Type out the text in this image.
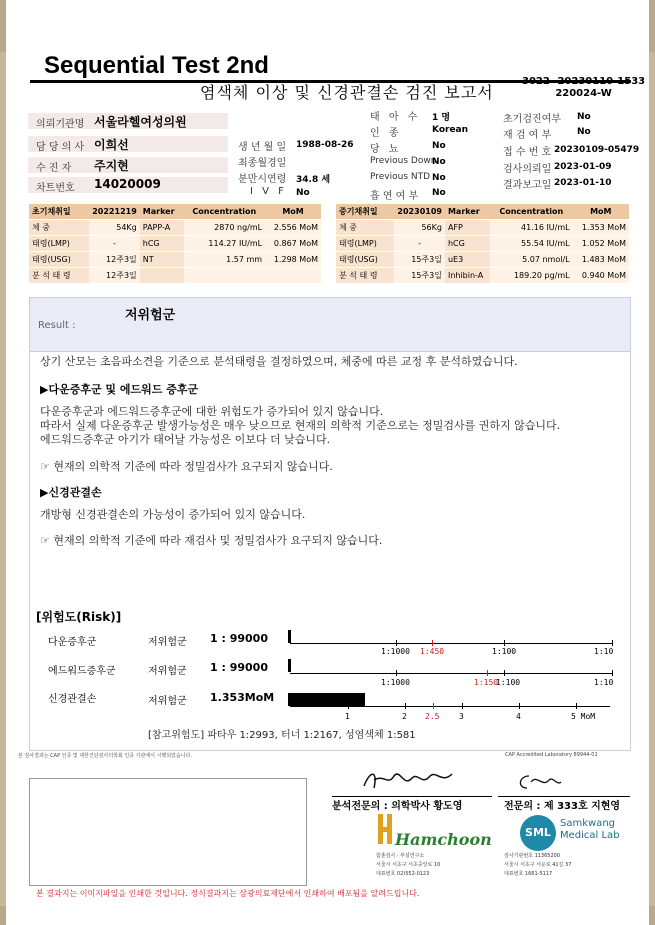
SML
Sequential Test 2nd
염색체 이상 및 신경관결손 검진 보고서
3022 -20230110-1533
220024-W
의뢰기관명 서울라헬여성의원
담 당 의 사 이희선
수 진 자 주지현
차트번호 14020009
생 년 월 일 1988-08-26
최종월경일
분만시연령 34.8 세
I V F No
태 아 수 1 명
인 종	Korean
당 뇨	No
Previous Down
No
Previous NTD No
흡 연 여 부 No
초기검진여부 No
재 검 여 부	No
접 수 번 호 20230109-05479
검사의뢰일 2023-01-09
결과보고일 2023-01-10
초기채취일	20221219	Marker	Concentration	MoM
체 중	54Kg	PAPP-A	2870 ng/mL	2.556 MoM
태령(LMP)	-	hCG	114.27 IU/mL	0.867 MoM
태령(USG)	12주3일	NT	1.57 mm	1.298 MoM
분 석 태 령	12주3일			
중기채취일	20230109	Marker	Concentration	MoM
체 중	56Kg	AFP	41.16 IU/mL	1.353 MoM
태령(LMP)	-	hCG	55.54 IU/mL	1.052 MoM
태령(USG)	15주3일	uE3	5.07 nmol/L	1.483 MoM
분 석 태 령	15주3일	Inhibin-A	189.20 pg/mL	0.940 MoM
Result :
저위험군
상기 산모는 초음파소견을 기준으로 분석태령을 결정하였으며, 체중에 따른 교정 후 분석하였습니다.
▶다운증후군 및 에드워드 증후군
다운증후군과 에드워드증후군에 대한 위험도가 증가되어 있지 않습니다.
따라서 실제 다운증후군 발생가능성은 매우 낮으므로 현재의 의학적 기준으로는 정밀검사를 권하지 않습니다.
에드워드증후군 아기가 태어날 가능성은 이보다 더 낮습니다.
☞ 현재의 의학적 기준에 따라 정밀검사가 요구되지 않습니다.
▶신경관결손
개방형 신경관결손의 가능성이 증가되어 있지 않습니다.
☞ 현재의 의학적 기준에 따라 재검사 및 정밀검사가 요구되지 않습니다.
[위험도(Risk)]
다운증후군	저위험군 1 : 99000
1:1000 1:450	1:100	1:10
에드워드증후군	저위험군 1 : 99000
1:1000	1:150
1:100	1:10
신경관결손	저위험군 1.353MoM
1	2 2.5 3	4	5 MoM
[참고위험도] 파타우 1:2993, 터너 1:2167, 성염색체 1:581
본 검사결과는 CAP 인증 및 대한진단검사의학회 인증 기관에서 시행되었습니다.	CAP Accredited Laboratory 89944-01
분석전문의 : 의학박사 황도영	전문의 : 제 333호 지현영
Hamchoon
함춘검사 · 부설연구소
서울시 서초구 서초중앙로 10
대표번호 02)552-0123
SML
Samkwang
Medical Lab
검사기관번호 11365200
서울시 서초구 서운로 41길 37
대표번호 1661-5117
본 결과지는 이미지파일을 인쇄한 것입니다. 정식결과지는 삼광의료재단에서 인쇄하여 배포됨을 알려드립니다.
